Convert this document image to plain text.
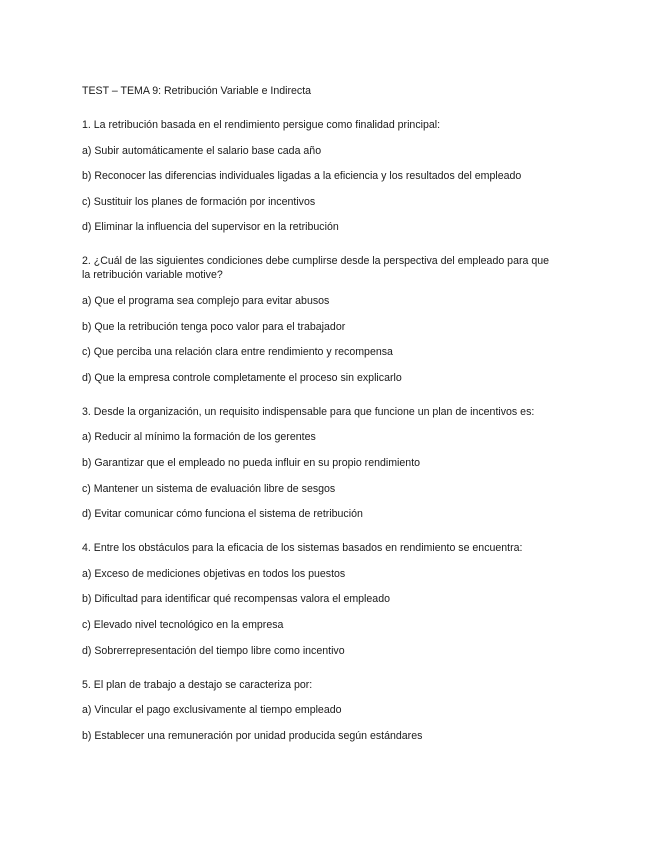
TEST – TEMA 9: Retribución Variable e Indirecta

1. La retribución basada en el rendimiento persigue como finalidad principal:

a) Subir automáticamente el salario base cada año
b) Reconocer las diferencias individuales ligadas a la eficiencia y los resultados del empleado
c) Sustituir los planes de formación por incentivos
d) Eliminar la influencia del supervisor en la retribución

2. ¿Cuál de las siguientes condiciones debe cumplirse desde la perspectiva del empleado para que la retribución variable motive?

a) Que el programa sea complejo para evitar abusos
b) Que la retribución tenga poco valor para el trabajador
c) Que perciba una relación clara entre rendimiento y recompensa
d) Que la empresa controle completamente el proceso sin explicarlo

3. Desde la organización, un requisito indispensable para que funcione un plan de incentivos es:

a) Reducir al mínimo la formación de los gerentes
b) Garantizar que el empleado no pueda influir en su propio rendimiento
c) Mantener un sistema de evaluación libre de sesgos
d) Evitar comunicar cómo funciona el sistema de retribución

4. Entre los obstáculos para la eficacia de los sistemas basados en rendimiento se encuentra:

a) Exceso de mediciones objetivas en todos los puestos
b) Dificultad para identificar qué recompensas valora el empleado
c) Elevado nivel tecnológico en la empresa
d) Sobrerrepresentación del tiempo libre como incentivo

5. El plan de trabajo a destajo se caracteriza por:

a) Vincular el pago exclusivamente al tiempo empleado
b) Establecer una remuneración por unidad producida según estándares
